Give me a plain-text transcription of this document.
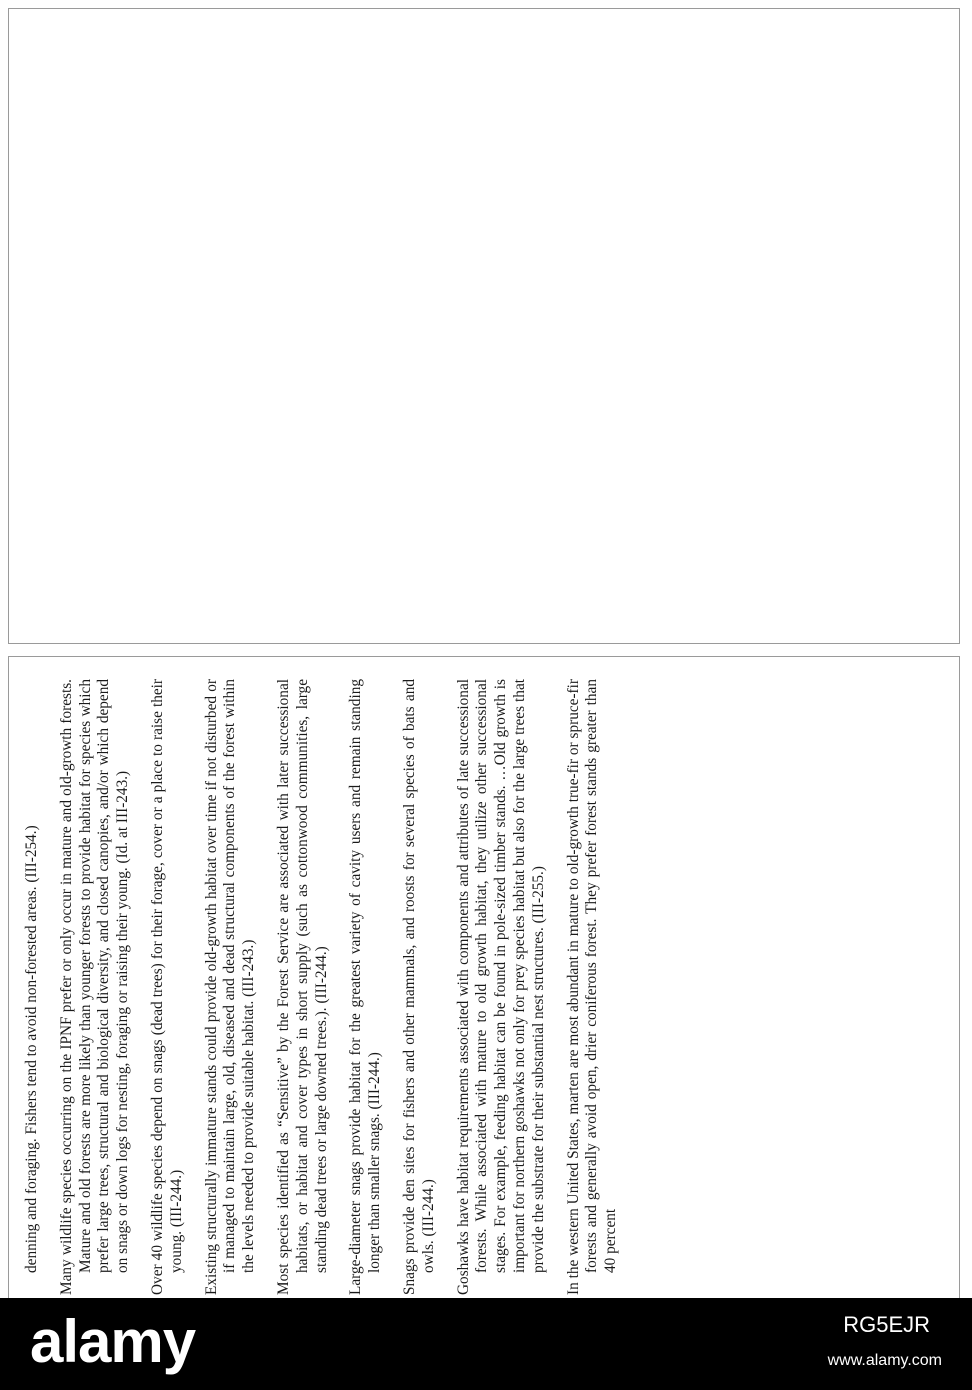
denning and foraging. Fishers tend to avoid non-forested areas. (III-254.) Many wildlife species occurring on the IPNF prefer or only occur in mature and old-growth forests. Mature and old forests are more likely than younger forests to provide habitat for species which prefer large trees, structural and biological diversity, and closed canopies, and/or which depend on snags or down logs for nesting, foraging or raising their young. (Id. at III-243.) Over 40 wildlife species depend on snags (dead trees) for their forage, cover or a place to raise their young. (III-244.) Existing structurally immature stands could provide old-growth habitat over time if not disturbed or if managed to maintain large, old, diseased and dead structural components of the forest within the levels needed to provide suitable habitat. (III-243.) Most species identified as “Sensitive” by the Forest Service are associated with later successional habitats, or habitat and cover types in short supply (such as cottonwood communities, large standing dead trees or large downed trees.). (III-244.) Large-diameter snags provide habitat for the greatest variety of cavity users and remain standing longer than smaller snags. (III-244.) Snags provide den sites for fishers and other mammals, and roosts for several species of bats and owls. (III-244.) Goshawks have habitat requirements associated with components and attributes of late successional forests. While associated with mature to old growth habitat, they utilize other successional stages. For example, feeding habitat can be found in pole-sized timber stands. …Old growth is important for northern goshawks not only for prey species habitat but also for the large trees that provide the substrate for their substantial nest structures. (III-255.) In the western United States, marten are most abundant in mature to old-growth true-fir or spruce-fir forests and generally avoid open, drier coniferous forest. They prefer forest stands greater than 40 percent

alamy	RG5EJR
www.alamy.com
